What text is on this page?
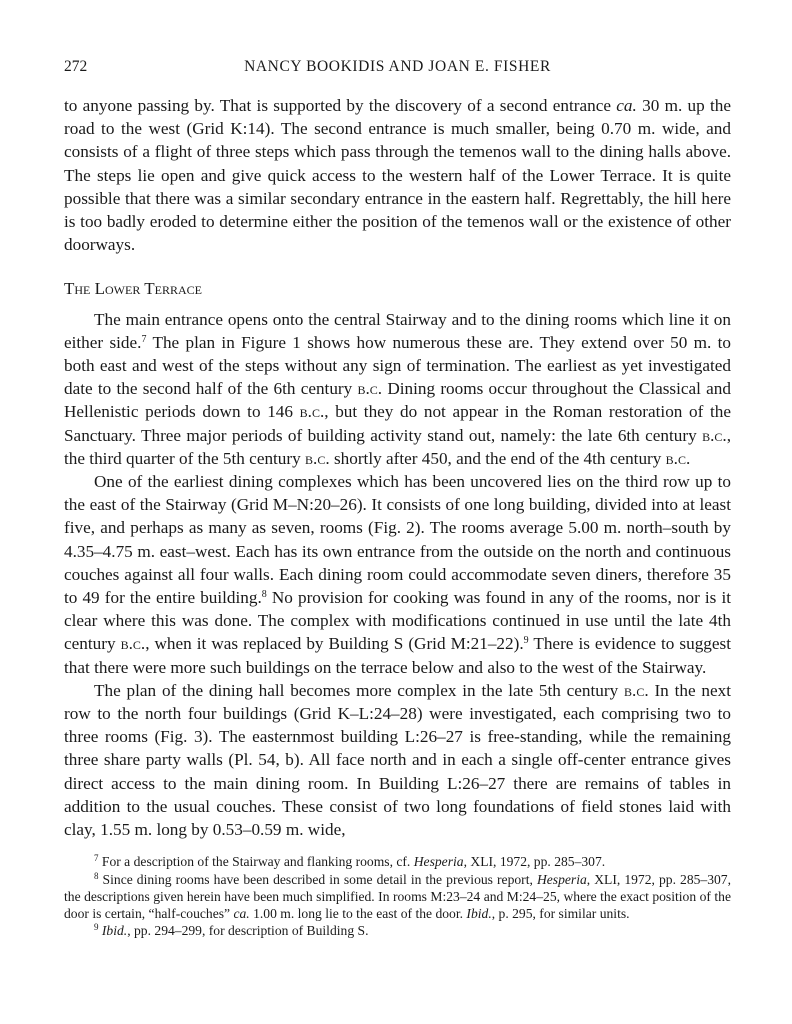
272	NANCY BOOKIDIS AND JOAN E. FISHER

to anyone passing by. That is supported by the discovery of a second entrance ca. 30 m. up the road to the west (Grid K:14). The second entrance is much smaller, being 0.70 m. wide, and consists of a flight of three steps which pass through the temenos wall to the dining halls above. The steps lie open and give quick access to the western half of the Lower Terrace. It is quite possible that there was a similar secondary entrance in the eastern half. Regrettably, the hill here is too badly eroded to determine either the position of the temenos wall or the existence of other doorways.

The Lower Terrace

The main entrance opens onto the central Stairway and to the dining rooms which line it on either side.$^7$ The plan in Figure 1 shows how numerous these are. They extend over 50 m. to both east and west of the steps without any sign of termination. The earliest as yet investigated date to the second half of the 6th century b.c. Dining rooms occur throughout the Classical and Hellenistic periods down to 146 b.c., but they do not appear in the Roman restoration of the Sanctuary. Three major periods of building activity stand out, namely: the late 6th century b.c., the third quarter of the 5th century b.c. shortly after 450, and the end of the 4th century b.c.

One of the earliest dining complexes which has been uncovered lies on the third row up to the east of the Stairway (Grid M–N:20–26). It consists of one long building, divided into at least five, and perhaps as many as seven, rooms (Fig. 2). The rooms average 5.00 m. north–south by 4.35–4.75 m. east–west. Each has its own entrance from the outside on the north and continuous couches against all four walls. Each dining room could accommodate seven diners, therefore 35 to 49 for the entire building.$^8$ No provision for cooking was found in any of the rooms, nor is it clear where this was done. The complex with modifications continued in use until the late 4th century b.c., when it was replaced by Building S (Grid M:21–22).$^9$ There is evidence to suggest that there were more such buildings on the terrace below and also to the west of the Stairway.

The plan of the dining hall becomes more complex in the late 5th century b.c. In the next row to the north four buildings (Grid K–L:24–28) were investigated, each comprising two to three rooms (Fig. 3). The easternmost building L:26–27 is free-standing, while the remaining three share party walls (Pl. 54, b). All face north and in each a single off-center entrance gives direct access to the main dining room. In Building L:26–27 there are remains of tables in addition to the usual couches. These consist of two long foundations of field stones laid with clay, 1.55 m. long by 0.53–0.59 m. wide,

$^7$ For a description of the Stairway and flanking rooms, cf. Hesperia, XLI, 1972, pp. 285–307.

$^8$ Since dining rooms have been described in some detail in the previous report, Hesperia, XLI, 1972, pp. 285–307, the descriptions given herein have been much simplified. In rooms M:23–24 and M:24–25, where the exact position of the door is certain, “half-couches” ca. 1.00 m. long lie to the east of the door. Ibid., p. 295, for similar units.

$^9$ Ibid., pp. 294–299, for description of Building S.
